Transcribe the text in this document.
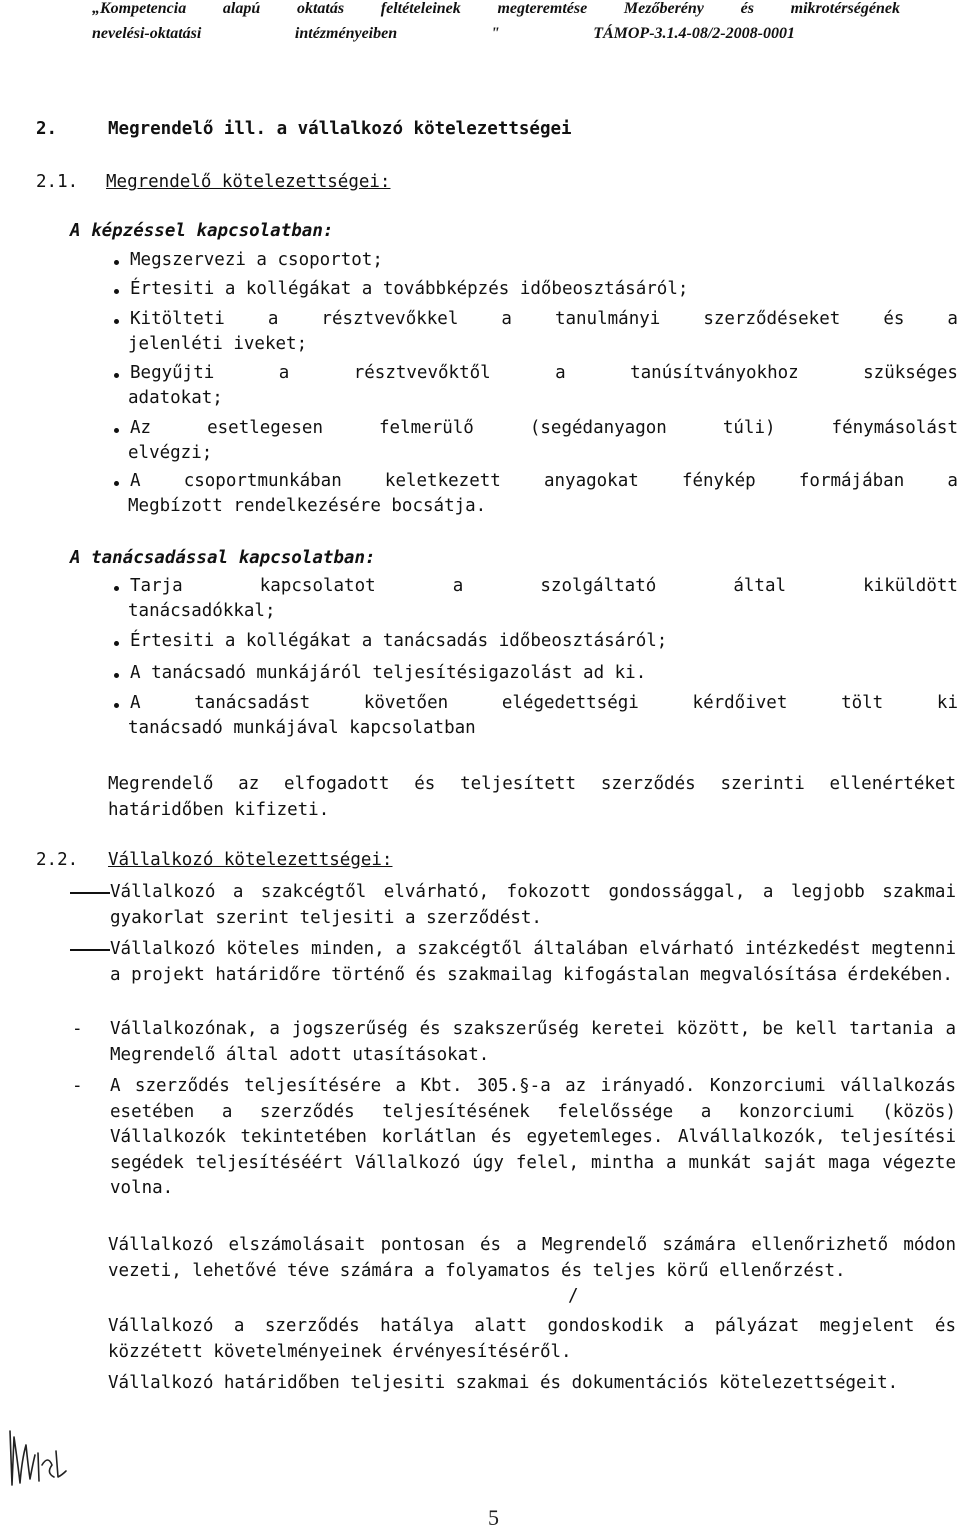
„Kompetencia alapú oktatás feltételeinek megteremtése Mezőberény és mikrotérségének
nevelési-oktatási	intézményeiben	"	TÁMOP-3.1.4-08/2-2008-0001
2.	Megrendelő ill. a vállalkozó kötelezettségei
2.1. Megrendelő kötelezettségei:
A képzéssel kapcsolatban:
Megszervezi a csoportot;
Értesiti a kollégákat a továbbképzés időbeosztásáról;
Kitölteti a résztvevőkkel a tanulmányi szerződéseket és a
jelenléti iveket;
Begyűjti	a	résztvevőktől	a	tanúsítványokhoz	szükséges
adatokat;
Az	esetlegesen	felmerülő	(segédanyagon	túli)	fénymásolást
elvégzi;
A csoportmunkában keletkezett anyagokat fénykép formájában a
Megbízott rendelkezésére bocsátja.
A tanácsadással kapcsolatban:
Tarja	kapcsolatot	a	szolgáltató	által	kiküldött
tanácsadókkal;
Értesiti a kollégákat a tanácsadás időbeosztásáról;
A tanácsadó munkájáról teljesítésigazolást ad ki.
A	tanácsadást	követően	elégedettségi	kérdőivet	tölt	ki
tanácsadó munkájával kapcsolatban
Megrendelő az elfogadott és teljesített szerződés szerinti ellenértéket határidőben kifizeti.
2.2. Vállalkozó kötelezettségei:
Vállalkozó a szakcégtől elvárható, fokozott gondossággal, a legjobb szakmai gyakorlat szerint teljesiti a szerződést.
Vállalkozó köteles minden, a szakcégtől általában elvárható intézkedést megtenni a projekt határidőre történő és szakmailag kifogástalan megvalósítása érdekében.
- Vállalkozónak, a jogszerűség és szakszerűség keretei között, be kell tartania a Megrendelő által adott utasításokat.
- A szerződés teljesítésére a Kbt. 305.§-a az irányadó. Konzorciumi vállalkozás esetében a szerződés teljesítésének felelőssége a konzorciumi (közös) Vállalkozók tekintetében korlátlan és egyetemleges. Alvállalkozók, teljesítési segédek teljesítéséért Vállalkozó úgy felel, mintha a munkát saját maga végezte volna.
Vállalkozó elszámolásait pontosan és a Megrendelő számára ellenőrizhető módon vezeti, lehetővé téve számára a folyamatos és teljes körű ellenőrzést.
/
Vállalkozó a szerződés hatálya alatt gondoskodik a pályázat megjelent és közzétett követelményeinek érvényesítéséről.
Vállalkozó határidőben teljesiti szakmai és dokumentációs kötelezettségeit.
5
